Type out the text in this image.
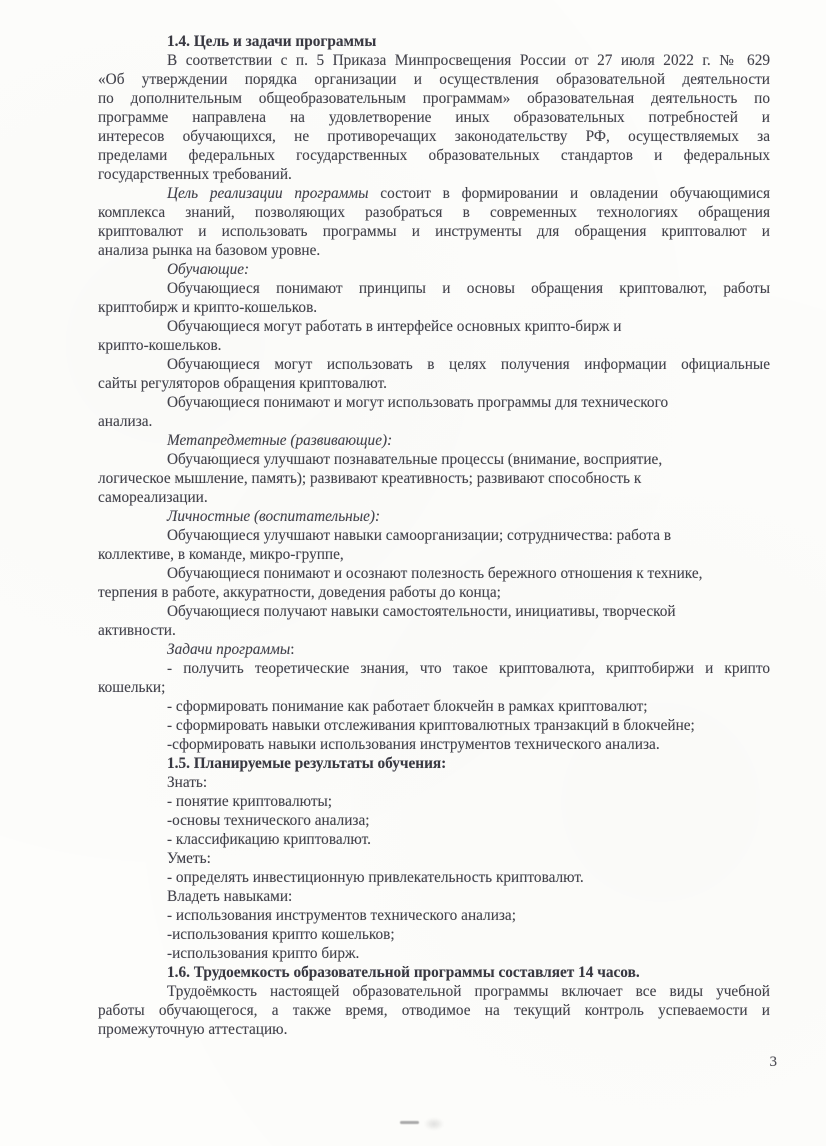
1.4. Цель и задачи программы
В соответствии с п. 5 Приказа Минпросвещения России от 27 июля 2022 г. № 629
«Об утверждении порядка организации и осуществления образовательной деятельности
по дополнительным общеобразовательным программам» образовательная деятельность по
программе направлена на удовлетворение иных образовательных потребностей и
интересов обучающихся, не противоречащих законодательству РФ, осуществляемых за
пределами федеральных государственных образовательных стандартов и федеральных
государственных требований.
Цель реализации программы состоит в формировании и овладении обучающимися
комплекса знаний, позволяющих разобраться в современных технологиях обращения
криптовалют и использовать программы и инструменты для обращения криптовалют и
анализа рынка на базовом уровне.
Обучающие:
Обучающиеся понимают принципы и основы обращения криптовалют, работы
криптобирж и крипто-кошельков.
Обучающиеся могут работать в интерфейсе основных крипто-бирж и
крипто-кошельков.
Обучающиеся могут использовать в целях получения информации официальные
сайты регуляторов обращения криптовалют.
Обучающиеся понимают и могут использовать программы для технического
анализа.
Метапредметные (развивающие):
Обучающиеся улучшают познавательные процессы (внимание, восприятие,
логическое мышление, память); развивают креативность; развивают способность к
самореализации.
Личностные (воспитательные):
Обучающиеся улучшают навыки самоорганизации; сотрудничества: работа в
коллективе, в команде, микро-группе,
Обучающиеся понимают и осознают полезность бережного отношения к технике,
терпения в работе, аккуратности, доведения работы до конца;
Обучающиеся получают навыки самостоятельности, инициативы, творческой
активности.
Задачи программы:
- получить теоретические знания, что такое криптовалюта, криптобиржи и крипто
кошельки;
- сформировать понимание как работает блокчейн в рамках криптовалют;
- сформировать навыки отслеживания криптовалютных транзакций в блокчейне;
-сформировать навыки использования инструментов технического анализа.
1.5. Планируемые результаты обучения:
Знать:
- понятие криптовалюты;
-основы технического анализа;
- классификацию криптовалют.
Уметь:
- определять инвестиционную привлекательность криптовалют.
Владеть навыками:
- использования инструментов технического анализа;
-использования крипто кошельков;
-использования крипто бирж.
1.6. Трудоемкость образовательной программы составляет 14 часов.
Трудоёмкость настоящей образовательной программы включает все виды учебной
работы обучающегося, а также время, отводимое на текущий контроль успеваемости и
промежуточную аттестацию.
3
